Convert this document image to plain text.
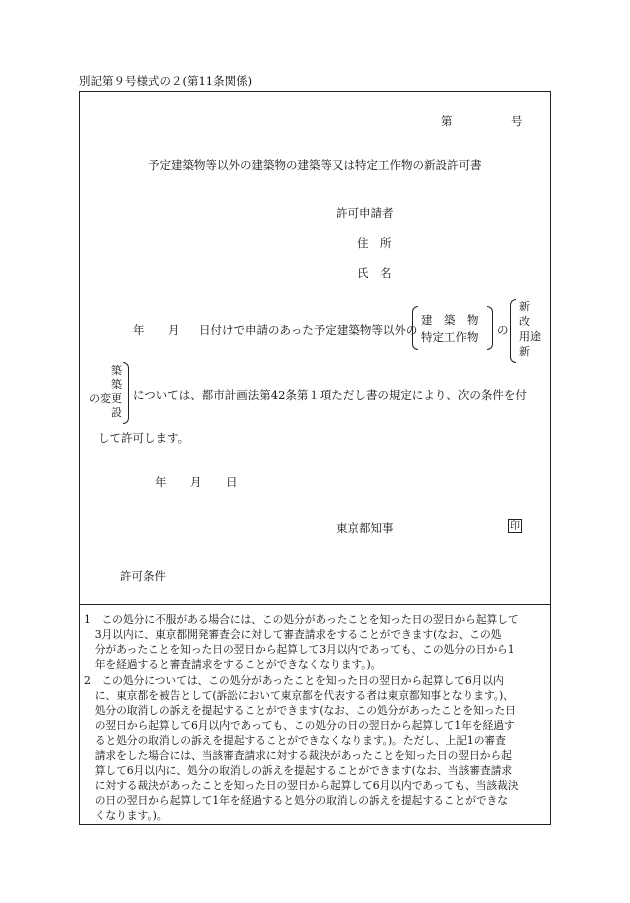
別記第９号様式の２(第11条関係)
第	号
予定建築物等以外の建築物の建築等又は特定工作物の新設許可書
許可申請者
住　所
氏　名
年 月 日付けで申請のあった予定建築物等以外の
建　築　物
特定工作物 の
新
改
用途
新
築
築
の変更
設
については、都市計画法第42条第１項ただし書の規定により、次の条件を付
して許可します。
年 月 日
東京都知事	印
許可条件
1　この処分に不服がある場合には、この処分があったことを知った日の翌日から起算して
　3月以内に、東京都開発審査会に対して審査請求をすることができます(なお、この処
　分があったことを知った日の翌日から起算して3月以内であっても、この処分の日から1
　年を経過すると審査請求をすることができなくなります。)。
2　この処分については、この処分があったことを知った日の翌日から起算して6月以内
　に、東京都を被告として(訴訟において東京都を代表する者は東京都知事となります。)、
　処分の取消しの訴えを提起することができます(なお、この処分があったことを知った日
　の翌日から起算して6月以内であっても、この処分の日の翌日から起算して1年を経過す
　ると処分の取消しの訴えを提起することができなくなります。)。ただし、上記1の審査
　請求をした場合には、当該審査請求に対する裁決があったことを知った日の翌日から起
　算して6月以内に、処分の取消しの訴えを提起することができます(なお、当該審査請求
　に対する裁決があったことを知った日の翌日から起算して6月以内であっても、当該裁決
　の日の翌日から起算して1年を経過すると処分の取消しの訴えを提起することができな
　くなります。)。
